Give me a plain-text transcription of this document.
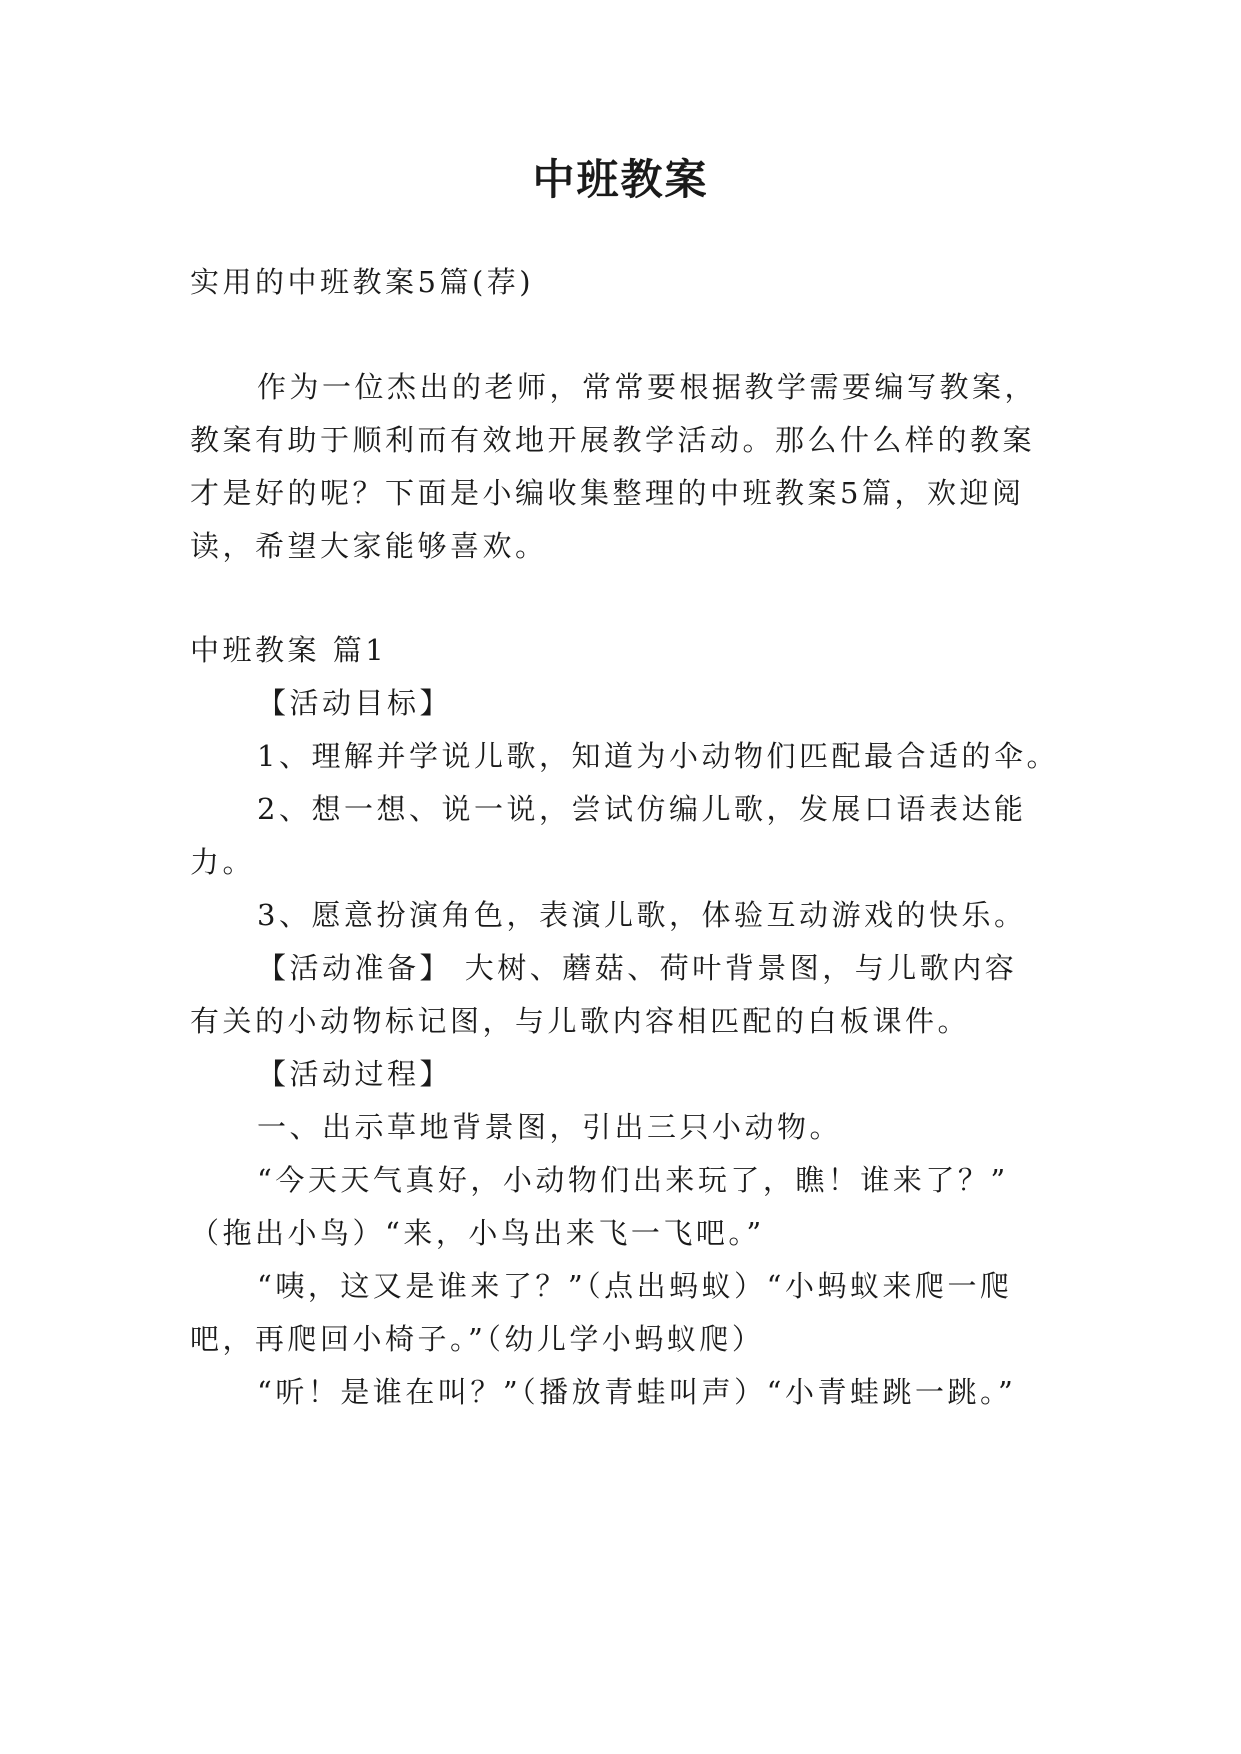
中班教案
实用的中班教案5篇(荐)
作为一位杰出的老师，常常要根据教学需要编写教案，
教案有助于顺利而有效地开展教学活动。那么什么样的教案
才是好的呢？下面是小编收集整理的中班教案5篇，欢迎阅
读，希望大家能够喜欢。
中班教案 篇1
【活动目标】
1、理解并学说儿歌，知道为小动物们匹配最合适的伞。
2、想一想、说一说，尝试仿编儿歌，发展口语表达能
力。
3、愿意扮演角色，表演儿歌，体验互动游戏的快乐。
【活动准备】 大树、蘑菇、荷叶背景图，与儿歌内容
有关的小动物标记图，与儿歌内容相匹配的白板课件。
【活动过程】
一、出示草地背景图，引出三只小动物。
“今天天气真好，小动物们出来玩了，瞧！谁来了？”
（拖出小鸟）“来，小鸟出来飞一飞吧。”
“咦，这又是谁来了？”（点出蚂蚁）“小蚂蚁来爬一爬
吧，再爬回小椅子。”（幼儿学小蚂蚁爬）
“听！是谁在叫？”（播放青蛙叫声）“小青蛙跳一跳。”
